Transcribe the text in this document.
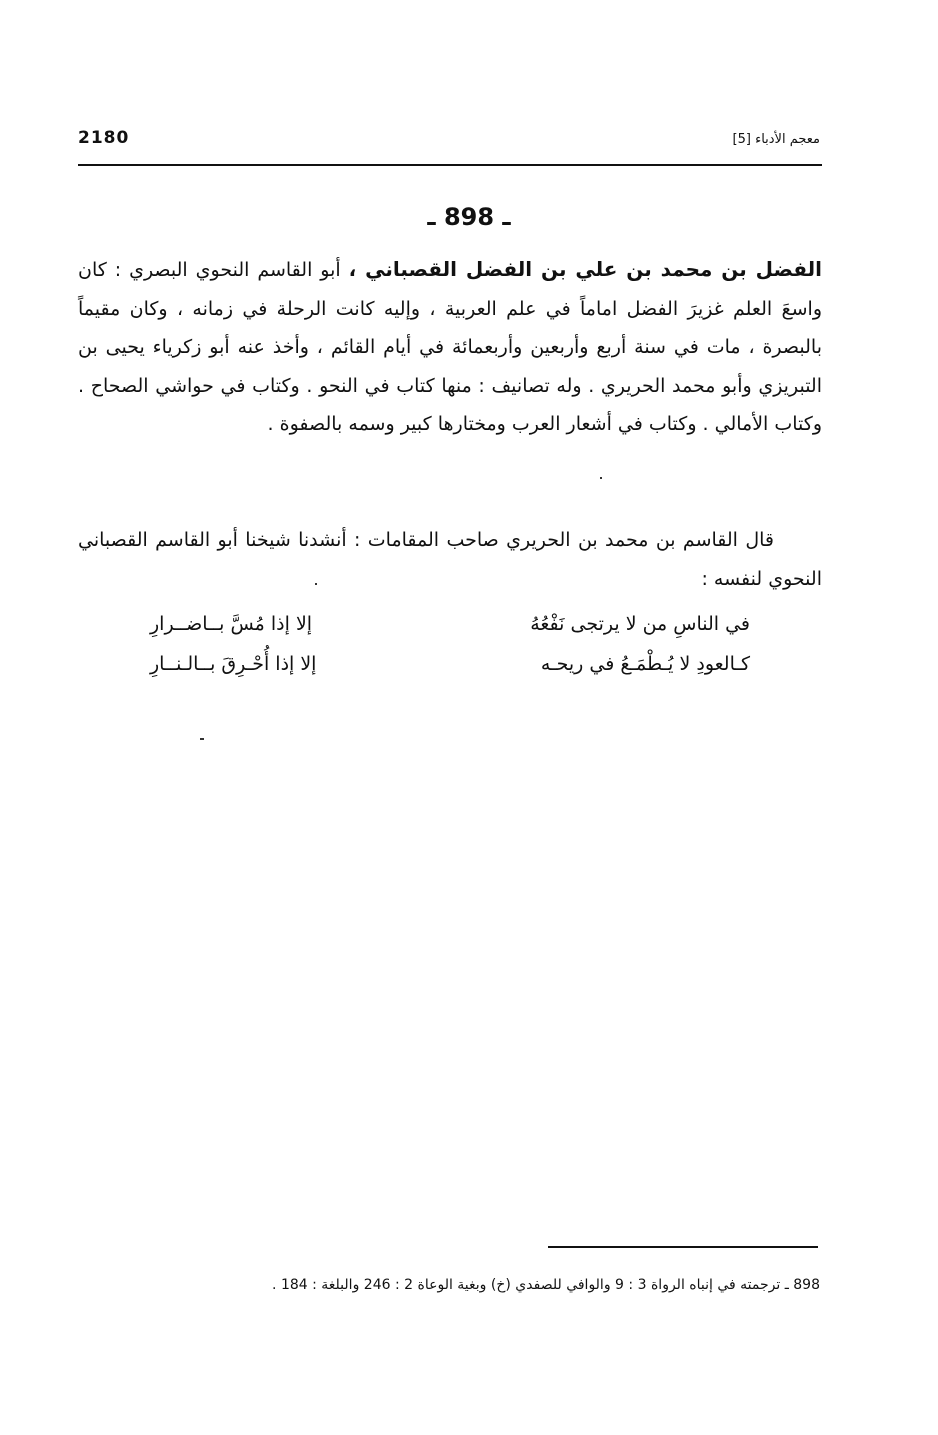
2180	معجم الأدباء [5]
ـ 898 ـ
الفضل بن محمد بن علي بن الفضل القصباني ، أبو القاسم النحوي البصري : كان واسعَ العلم غزيرَ الفضل اماماً في علم العربية ، وإليه كانت الرحلة في زمانه ، وكان مقيماً بالبصرة ، مات في سنة أربع وأربعين وأربعمائة في أيام القائم ، وأخذ عنه أبو زكرياء يحيى بن التبريزي وأبو محمد الحريري . وله تصانيف : منها كتاب في النحو . وكتاب في حواشي الصحاح . وكتاب الأمالي . وكتاب في أشعار العرب ومختارها كبير وسمه بالصفوة .
قال القاسم بن محمد بن الحريري صاحب المقامات : أنشدنا شيخنا أبو القاسم القصباني النحوي لنفسه :
في الناسِ من لا يرتجى نَفْعُهُ
إلا إذا مُسَّ بــاضــرارِ
كـالعودِ لا يُـطْمَـعُ في ريحـه
إلا إذا أُحْـرِقَ بــالـنــارِ
898 ـ ترجمته في إنباه الرواة 3 : 9 والوافي للصفدي (خ) وبغية الوعاة 2 : 246 والبلغة : 184 .
